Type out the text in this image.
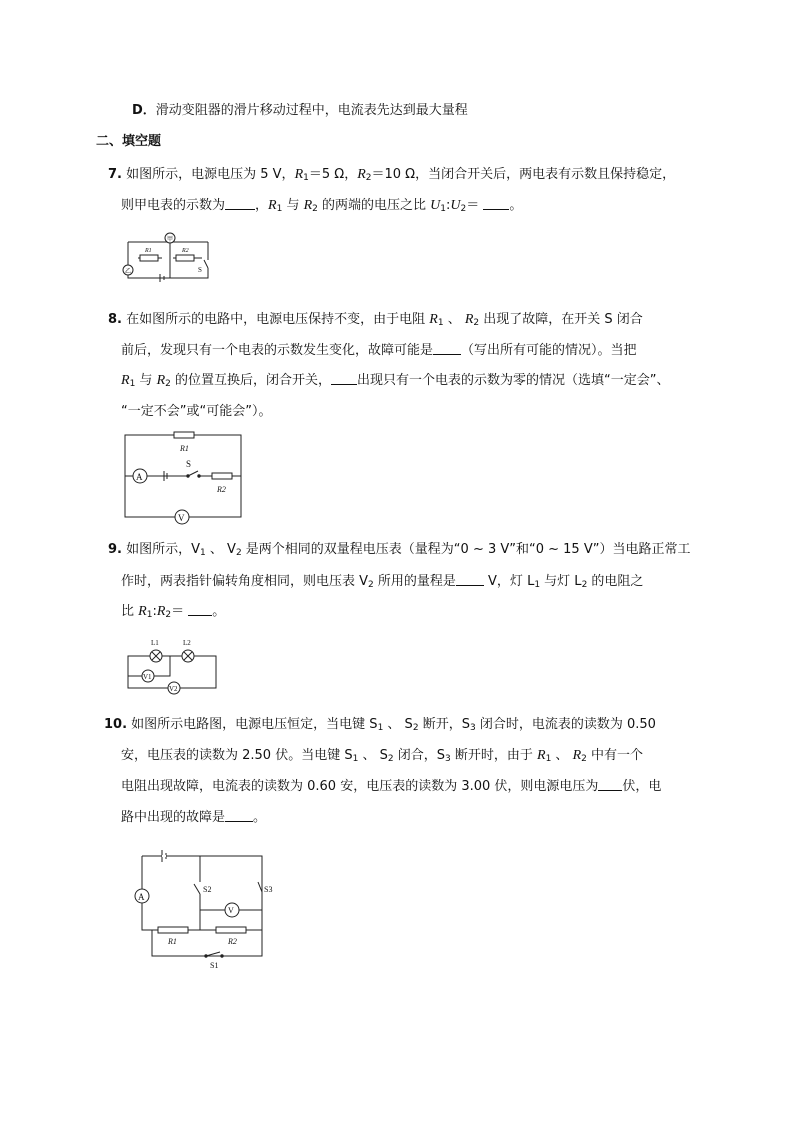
D．滑动变阻器的滑片移动过程中，电流表先达到最大量程
二、填空题
7. 如图所示，电源电压为 5 V，$R_1=5$ Ω，$R_2=10$ Ω，当闭合开关后，两电表有示数且保持稳定，
则甲电表的示数为 ，$R_1$ 与 $R_2$ 的两端的电压之比 $U_1:U_2=$ 。
甲
乙
R1	R2
S
8. 在如图所示的电路中，电源电压保持不变，由于电阻 $R_1$ 、 $R_2$ 出现了故障，在开关 S 闭合
前后，发现只有一个电表的示数发生变化，故障可能是 （写出所有可能的情况）。当把
$R_1$ 与 $R_2$ 的位置互换后，闭合开关， 出现只有一个电表的示数为零的情况（选填“一定会”、
“一定不会”或“可能会”）。
A
V
S
R1
R2
9. 如图所示，$V_1$ 、 $V_2$ 是两个相同的双量程电压表（量程为“0 ~ 3 V”和“0 ~ 15 V”）当电路正常工
作时，两表指针偏转角度相同，则电压表 $V_2$ 所用的量程是 V，灯 $L_1$ 与灯 $L_2$ 的电阻之
比 $R_1:R_2=$ 。
L1	L2
V1
V2
10. 如图所示电路图，电源电压恒定，当电键 $S_1$ 、 $S_2$ 断开，$S_3$ 闭合时，电流表的读数为 0.50
安，电压表的读数为 2.50 伏。当电键 $S_1$ 、 $S_2$ 闭合，$S_3$ 断开时，由于 $R_1$ 、 $R_2$ 中有一个
电阻出现故障，电流表的读数为 0.60 安，电压表的读数为 3.00 伏，则电源电压为 伏，电
路中出现的故障是 。
A
V
S2	S3
S1
R1	R2
